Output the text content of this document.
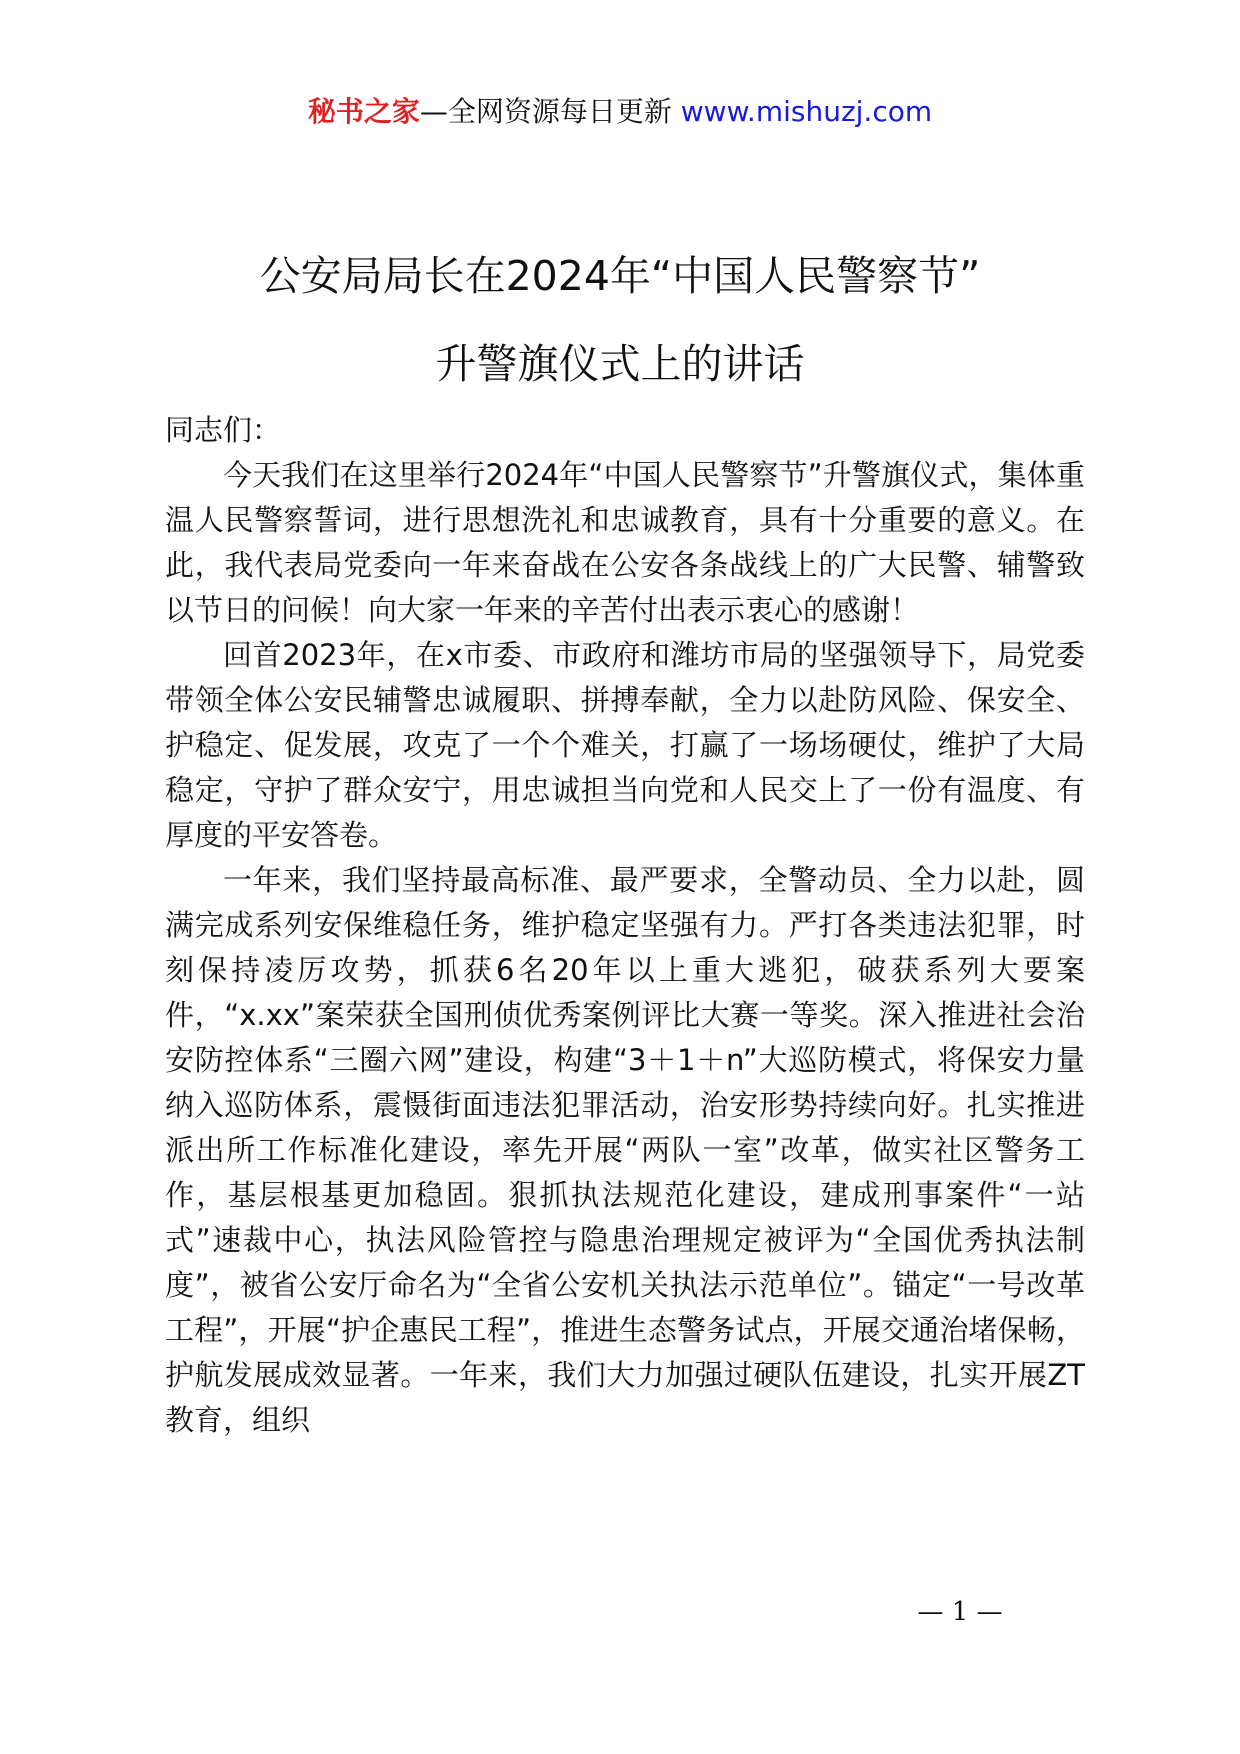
秘书之家—全网资源每日更新 www.mishuzj.com
公安局局长在2024年“中国人民警察节”
升警旗仪式上的讲话

同志们：

今天我们在这里举行2024年“中国人民警察节”升警旗仪式，集体重温人民警察誓词，进行思想洗礼和忠诚教育，具有十分重要的意义。在此，我代表局党委向一年来奋战在公安各条战线上的广大民警、辅警致以节日的问候！向大家一年来的辛苦付出表示衷心的感谢！

回首2023年，在x市委、市政府和潍坊市局的坚强领导下，局党委带领全体公安民辅警忠诚履职、拼搏奉献，全力以赴防风险、保安全、护稳定、促发展，攻克了一个个难关，打赢了一场场硬仗，维护了大局稳定，守护了群众安宁，用忠诚担当向党和人民交上了一份有温度、有厚度的平安答卷。

一年来，我们坚持最高标准、最严要求，全警动员、全力以赴，圆满完成系列安保维稳任务，维护稳定坚强有力。严打各类违法犯罪，时刻保持凌厉攻势，抓获6名20年以上重大逃犯，破获系列大要案件，“x.xx”案荣获全国刑侦优秀案例评比大赛一等奖。深入推进社会治安防控体系“三圈六网”建设，构建“3＋1＋n”大巡防模式，将保安力量纳入巡防体系，震慑街面违法犯罪活动，治安形势持续向好。扎实推进派出所工作标准化建设，率先开展“两队一室”改革，做实社区警务工作，基层根基更加稳固。狠抓执法规范化建设，建成刑事案件“一站式”速裁中心，执法风险管控与隐患治理规定被评为“全国优秀执法制度”，被省公安厅命名为“全省公安机关执法示范单位”。锚定“一号改革工程”，开展“护企惠民工程”，推进生态警务试点，开展交通治堵保畅，护航发展成效显著。一年来，我们大力加强过硬队伍建设，扎实开展ZT教育，组织

— 1 —
